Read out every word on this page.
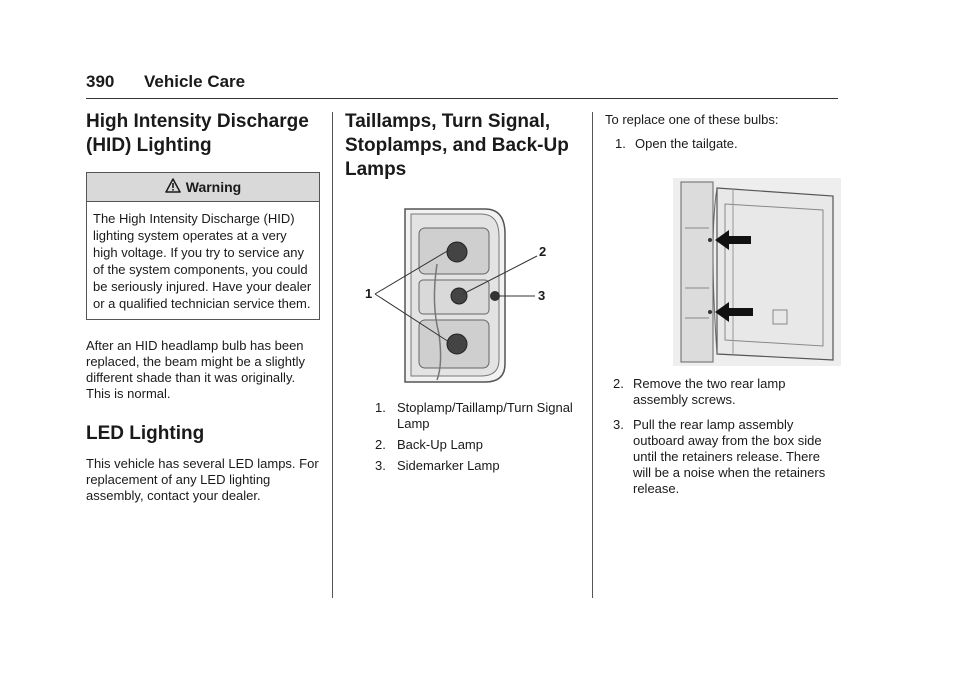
390 Vehicle Care
High Intensity Discharge (HID) Lighting
Warning
The High Intensity Discharge (HID) lighting system operates at a very high voltage. If you try to service any of the system components, you could be seriously injured. Have your dealer or a qualified technician service them.

After an HID headlamp bulb has been replaced, the beam might be a slightly different shade than it was originally. This is normal.

LED Lighting

This vehicle has several LED lamps. For replacement of any LED lighting assembly, contact your dealer.

Taillamps, Turn Signal, Stoplamps, and Back-Up Lamps
1
2
3
1. Stoplamp/Taillamp/Turn Signal Lamp
2. Back-Up Lamp
3. Sidemarker Lamp

To replace one of these bulbs:

1. Open the tailgate.
2. Remove the two rear lamp assembly screws.
3. Pull the rear lamp assembly outboard away from the box side until the retainers release. There will be a noise when the retainers release.
